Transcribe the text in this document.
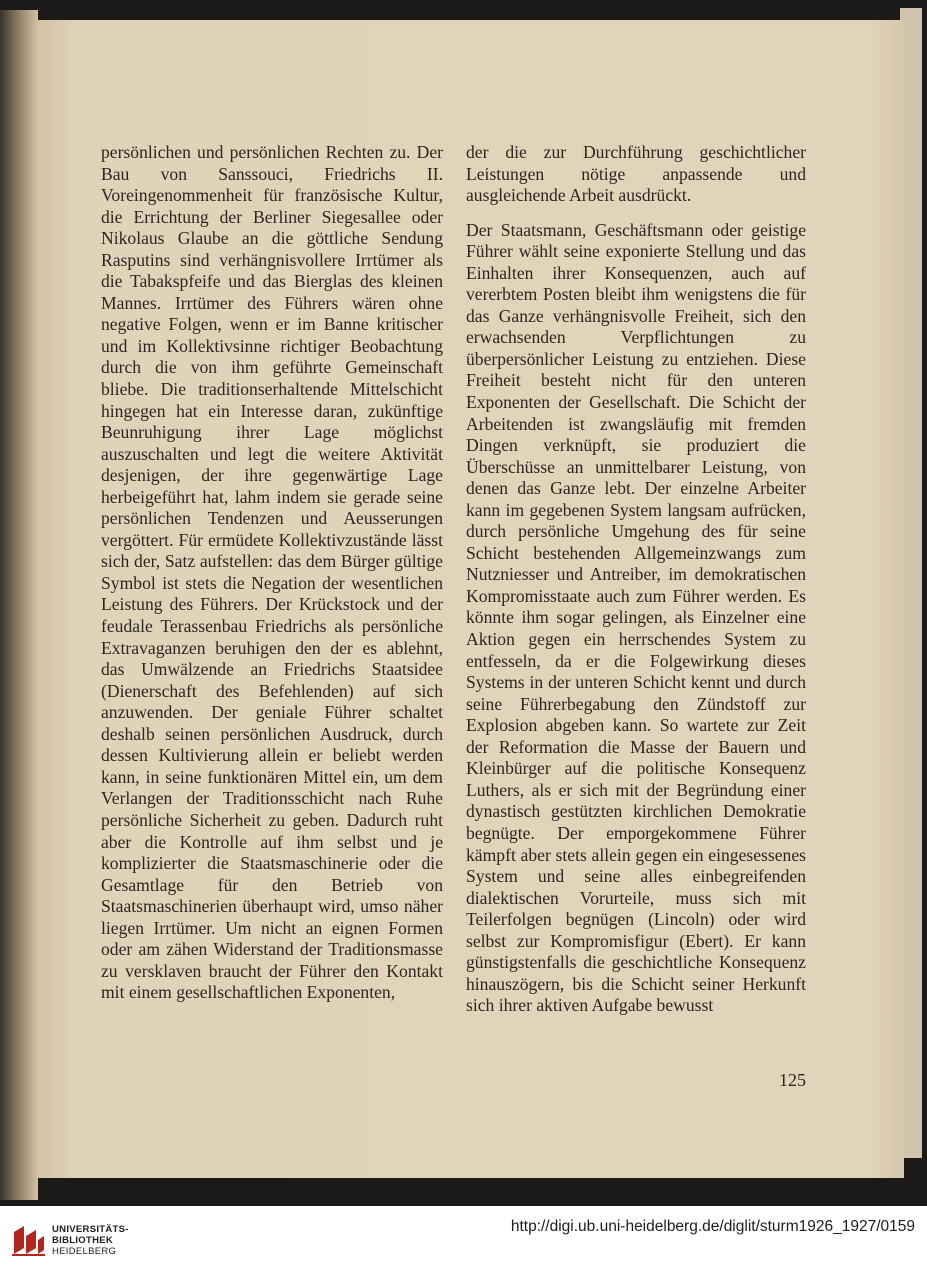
persönlichen und persönlichen Rechten zu. Der Bau von Sanssouci, Friedrichs II. Voreingenommenheit für französische Kultur, die Errichtung der Berliner Siegesallee oder Nikolaus Glaube an die göttliche Sendung Rasputins sind verhängnisvollere Irrtümer als die Tabakspfeife und das Bierglas des kleinen Mannes. Irrtümer des Führers wären ohne negative Folgen, wenn er im Banne kritischer und im Kollektivsinne richtiger Beobachtung durch die von ihm geführte Gemeinschaft bliebe. Die traditionserhaltende Mittelschicht hingegen hat ein Interesse daran, zukünftige Beunruhigung ihrer Lage möglichst auszuschalten und legt die weitere Aktivität desjenigen, der ihre gegenwärtige Lage herbeigeführt hat, lahm indem sie gerade seine persönlichen Tendenzen und Aeusserungen vergöttert. Für ermüdete Kollektivzustände lässt sich der, Satz aufstellen: das dem Bürger gültige Symbol ist stets die Negation der wesentlichen Leistung des Führers. Der Krückstock und der feudale Terassenbau Friedrichs als persönliche Extravaganzen beruhigen den der es ablehnt, das Umwälzende an Friedrichs Staatsidee (Dienerschaft des Befehlenden) auf sich anzuwenden. Der geniale Führer schaltet deshalb seinen persönlichen Ausdruck, durch dessen Kultivierung allein er beliebt werden kann, in seine funktionären Mittel ein, um dem Verlangen der Traditionsschicht nach Ruhe persönliche Sicherheit zu geben. Dadurch ruht aber die Kontrolle auf ihm selbst und je komplizierter die Staatsmaschinerie oder die Gesamtlage für den Betrieb von Staatsmaschinerien überhaupt wird, umso näher liegen Irrtümer. Um nicht an eignen Formen oder am zähen Widerstand der Traditionsmasse zu versklaven braucht der Führer den Kontakt mit einem gesellschaftlichen Exponenten,

der die zur Durchführung geschichtlicher Leistungen nötige anpassende und ausgleichende Arbeit ausdrückt.

Der Staatsmann, Geschäftsmann oder geistige Führer wählt seine exponierte Stellung und das Einhalten ihrer Konsequenzen, auch auf vererbtem Posten bleibt ihm wenigstens die für das Ganze verhängnisvolle Freiheit, sich den erwachsenden Verpflichtungen zu überpersönlicher Leistung zu entziehen. Diese Freiheit besteht nicht für den unteren Exponenten der Gesellschaft. Die Schicht der Arbeitenden ist zwangsläufig mit fremden Dingen verknüpft, sie produziert die Überschüsse an unmittelbarer Leistung, von denen das Ganze lebt. Der einzelne Arbeiter kann im gegebenen System langsam aufrücken, durch persönliche Umgehung des für seine Schicht bestehenden Allgemeinzwangs zum Nutzniesser und Antreiber, im demokratischen Kompromisstaate auch zum Führer werden. Es könnte ihm sogar gelingen, als Einzelner eine Aktion gegen ein herrschendes System zu entfesseln, da er die Folgewirkung dieses Systems in der unteren Schicht kennt und durch seine Führerbegabung den Zündstoff zur Explosion abgeben kann. So wartete zur Zeit der Reformation die Masse der Bauern und Kleinbürger auf die politische Konsequenz Luthers, als er sich mit der Begründung einer dynastisch gestützten kirchlichen Demokratie begnügte. Der emporgekommene Führer kämpft aber stets allein gegen ein eingesessenes System und seine alles einbegreifenden dialektischen Vorurteile, muss sich mit Teilerfolgen begnügen (Lincoln) oder wird selbst zur Kompromisfigur (Ebert). Er kann günstigstenfalls die geschichtliche Konsequenz hinauszögern, bis die Schicht seiner Herkunft sich ihrer aktiven Aufgabe bewusst

125
UNIVERSITÄTS-
BIBLIOTHEK
HEIDELBERG
http://digi.ub.uni-heidelberg.de/diglit/sturm1926_1927/0159
